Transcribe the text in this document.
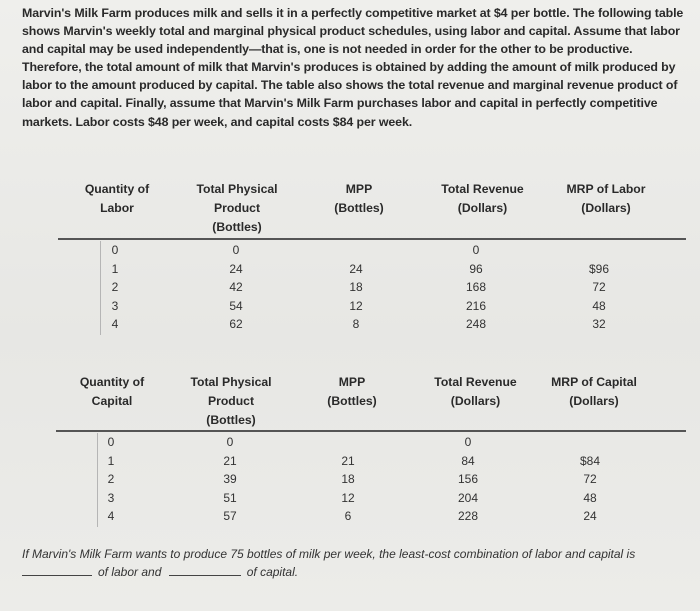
Marvin's Milk Farm produces milk and sells it in a perfectly competitive market at $4 per bottle. The following table shows Marvin's weekly total and marginal physical product schedules, using labor and capital. Assume that labor and capital may be used independently—that is, one is not needed in order for the other to be productive. Therefore, the total amount of milk that Marvin's produces is obtained by adding the amount of milk produced by labor to the amount produced by capital. The table also shows the total revenue and marginal revenue product of labor and capital. Finally, assume that Marvin's Milk Farm purchases labor and capital in perfectly competitive markets. Labor costs $48 per week, and capital costs $84 per week.
Quantity of Labor
Total Physical Product (Bottles)
MPP (Bottles)
Total Revenue (Dollars)
MRP of Labor (Dollars)
0
1
2
3
4
0
24
42
54
62

24
18
12
8
0
96
168
216
248

$96
72
48
32
Quantity of Capital
Total Physical Product (Bottles)
MPP (Bottles)
Total Revenue (Dollars)
MRP of Capital (Dollars)
0
1
2
3
4
0
21
39
51
57

21
18
12
6
0
84
156
204
228

$84
72
48
24
If Marvin's Milk Farm wants to produce 75 bottles of milk per week, the least-cost combination of labor and capital is
of labor and	of capital.
